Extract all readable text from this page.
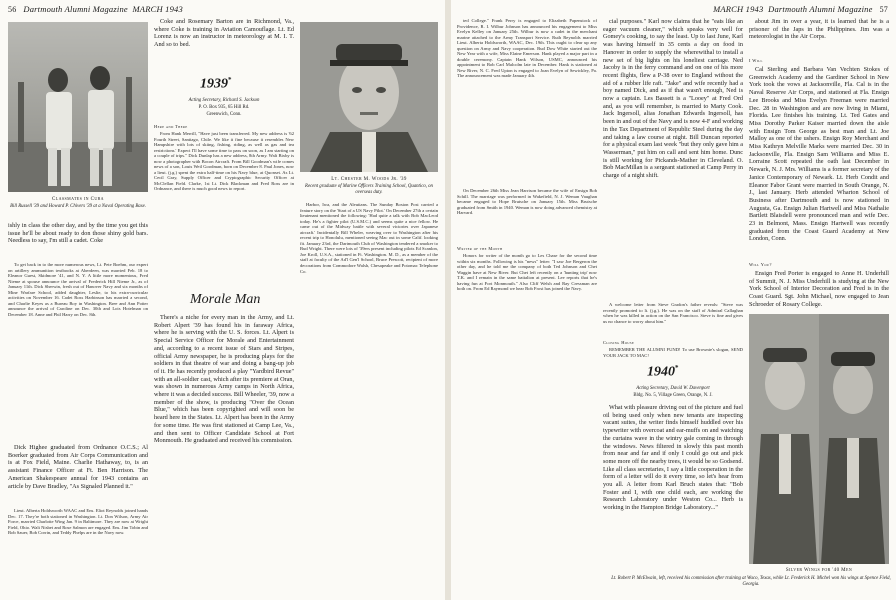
56 Dartmouth Alumni Magazine MARCH 1943
Classmates in Cuba
Bill Russell '39 and Howard P. Chivers '39 at a Naval Operating Base.

ishly in class the other day, and by the time you get this issue he'll be about ready to don those shiny gold bars. Needless to say, I'm still a cadet. Coke

To get back in to the more numerous news, Lt. Pete Boehm, our expert on artillery ammunition textbooks at Aberdeen, was married Feb. 18 to Eleanor Guest, Skidmore '41, and N. Y. A little more momentous, Fred Nieme at spouse announce the arrival of Frederick Hill Nieme Jr., as of January 11th. Dick Sherwin, fresh out of Hanover Navy and six months of Mine Warfare School, added daughter, Leslie, to his extra-curricular activities on November 16. Cadet Ross Harbinson has married a second, and Charlie Keyes as a Bureau Boy in Washington. Bree and Ann Potter announce the arrival of Caroline on Dec. 30th and Lois Hotelman on December 18. Anne and Phil Harry on Dec. 8th.

Dick Highee graduated from Ordnance O.C.S.; Al Boerker graduated from Air Corps Communication and is at Fox Field, Maine. Charlie Hathaway, to, is an assistant Finance Officer at Ft. Ben Harrison. The American Shakespeare annual for 1943 contains an article by Dave Bradley, "As Signaled Planned it."

Lieut. Alberta Holdsworth WAAC and Ens. Eliot Reynolds joined hands Dec. 17. They're both stationed in Washington. Lt. Don Wilson, Army Air Force, married Charlotte Wing Jan. 9 in Baltimore. They are now at Wright Field, Ohio. Walt Nisbet and Rose Salmon are engaged. Ens. Jim Tobin and Bob Sauer, Bob Corrin, and Teddy Phelps are in the Navy now.

Coke and Rosemary Barton are in Richmond, Va., where Coke is training in Aviation Camouflage. Lt. Ed Lorenz is now an instructor in meteorology at M. I. T. And so to bed.

1939*
Acting Secretary, Richard S. Jackson
P. O. Box 935, 65 Hill Rd.
Greenwich, Conn.
Here and There

From Hank Merrill, "Have just been transferred. My new address is '62 Fourth Street, Santiago, Chile. We like it fine because it resembles New Hampshire with lots of skiing, fishing, riding, as well as gas and tea restrictions.' Expect I'll have some time to pass on soon, as I am starting on a couple of trips." Dick Dunlap has a new address, 8th Army. Walt Bixby is now a photographer with Bocon Aircraft. From Bill Goodman's wife comes news of a son, Louis Weil Goodman, born on December 8. Paul Jones, now a lieut. (j.g.) spent the extra half-time on his Navy blue, at Quonset. As Lt. Cecil Gray, Supply Officer and Cryptographic Security Officer at McClellan Field. Clarke, 1st Lt. Dick Blackman and Fred Ross are in Ordnance, and there is much good news to report.

Morale Man

There's a niche for every man in the Army, and Lt. Robert Alpert '39 has found his in faraway Africa, where he is serving with the U. S. forces. Lt. Alpert is Special Service Officer for Morale and Entertainment and, according to a recent issue of Stars and Stripes, official Army newspaper, he is producing plays for the soldiers in that theatre of war and doing a bang-up job of it. He has recently produced a play "Yardbird Revue" with an all-soldier cast, which after its premiere at Oran, was shown in numerous Army camps in North Africa, where it was a decided success. Bill Wheeler, '39, now a member of the show, is producing "Over the Ocean Blue," which has been copyrighted and will soon be heard here in the States. Lt. Alpert has been in the Army for some time. He was first stationed at Camp Lee, Va., and then sent to Officer Candidate School at Fort Monmouth. He graduated and received his commission.

Lt. Chester M. Woods Jr. '39
Recent graduate of Marine Officers Training School, Quantico, on overseas duty.

Harbor, Iwa, and the Aleutians. The Sunday Boston Post carried a feature story on the 'Start of a US Navy Pilot.' On December 27th a certain lieutenant mentioned the following: 'Had quite a talk with Bob MacLeod today. He's a fighter pilot (U.S.M.C.) and seems quite a nice fellow. He came out of the Midway battle with several victories over Japanese aircraft.' Incidentally Bill Wheler, weaving over to Washington after his recent trip to Honolulu, mentioned seeing Mac out in some Calif. looking fit. January 23rd, the Dartmouth Club of Washington tendered a smoker to Bud Wright. There were lots of '39ers present including pilots Ed Scanlon, Joe Kroll, U.S.A., stationed in Ft. Washington. M. D., as a member of the staff at faculty of the Ad'l Gen'l School, Bruce Prescott, recipient of more decorations from Commodore Walsh, Chesapeake and Potomac Telephone Co.

MARCH 1943 Dartmouth Alumni Magazine 57

ted College." Frank Perry is engaged to Elizabeth Papenstock of Providence, R. I. Wilbur Johnson has announced his engagement to Miss Evelyn Kelley on January 25th. Wilbur is now a cadet in the merchant marine attached to the Army Transport Service. Ruth Reynolds married Lieut. Alberta Holdsworth, WAAC, Dec. 19th. This ought to clear up any question on Army and Navy cooperation. Bud Dow White started out the New Year with a wife, Miss Elaine Emerson. Hank played a major part in a double ceremony. Captain Hank Wilson, USMC, announced his appointment to Bob Carl Malcolm late in December. Hank is stationed at New River, N. C. Fred Upton is engaged to Joan Evelyn of Sewickley, Pa. The announcement was made January 4th.

On December 26th Miss Jean Harrison became the wife of Ensign Bob Schill. The marriage was performed in Wakefield, N. J. Weman Vaughan became engaged to Hope Brutsche on January 15th. Miss Brutsche graduated from Smith in 1940. Weman is now doing advanced chemistry at Harvard.

Writer of the Month

Honors for writer of the month go to Les Chase for the second time within six months. Following is his "news" letter: "I saw Joe Bergeron the other day, and he told me the company of both Ted Johnson and Chet Waggin have at New River. But Chet left recently on a 'hunting trip' now T.K. and I remain in the same battalion at present. Lee reports that he's having fun at Fort Monmouth." Also Cliff Welsh and Ray Cressman are both on. From Ed Raymond we hear Bob Frost has joined the Navy.

cial purposes." Karl now claims that he "eats like an eager vacuum cleaner," which speaks very well for Gomey's cooking, to say the least. Up to last June, Karl was having himself in 35 cents a day on food in Hanover in order to supply the wherewithal to install a new set of big lights on his loneliest carriage. Ned Jacoby is in the ferry command and on one of his more recent flights, flew a P-38 over to England without the aid of a rubber life raft. "Jake" and wife recently had a boy named Dick, and as if that wasn't enough, Ned is now a captain. Les Bassett is a "Looey" at Fred Ord and, as you will remember, is married to Marty Cook. Jack Ingersoll, alias Jonathan Edwards Ingersoll, has been in and out of the Navy and is now 4-F and working in the Tax Department of Republic Steel during the day and taking a law course at night. Bill Duncan reported for a physical exam last week "but they only gave him a Wasserman," put him on call and sent him home. Dunc is still working for Pickands-Mather in Cleveland. O. Bob MacMillan is a sergeant stationed at Camp Perry in charge of a night shift.

A welcome letter from Steve Gradon's father reveals: "Steve was recently promoted to lt. (j.g.). He was on the staff of Admiral Callaghan when he was killed in action on the San Francisco. Steve is fine and gives us no chance to worry about him."

Closing House

REMEMBER THE ALUMNI FUND! To use Brownie's slogan, SEND YOUR JACK TO MAC!

1940*
Acting Secretary, David W. Davenport
Bldg. No. 5, Village Green, Orange, N. J.

What with pleasure driving out of the picture and fuel oil being used only when new tenants are inspecting vacant suites, the writer finds himself huddled over his typewriter with overcoat and ear-muffs on and watching the curtains wave in the wintry gale coming in through the windows. News filtered in slowly this past month from near and far and if only I could go out and pick some more off the nearby trees, it would be so Godsend. Like all class secretaries, I say a little cooperation in the form of a letter will do it every time, so let's hear from you all. A letter from Karl Bruch states that: "Bob Foster and I, with one child each, are working the Research Laboratory under Weston Co... Herb is working in the Hampton Bridge Laboratory..."

about Jim in over a year, it is learned that he is a prisoner of the Japs in the Philippines. Jim was a meteorologist in the Air Corps.

I Will

Cal Sterling and Barbara Van Vechten Stokes of Greenwich Academy and the Gardiner School in New York took the vows at Jacksonville, Fla. Cal is in the Naval Reserve Air Corps, and stationed at Fla. Ensign Lee Brooks and Miss Evelyn Freeman were married Dec. 28 in Washington and are now living in Miami, Florida. Lee finishes his training. Lt. Ted Gates and Miss Dorothy Parker Kaiser married down the aisle with Ensign Tom George as best man and Lt. Joe Malloy as one of the ushers. Ensign Roy Merchant and Miss Kathryn Melville Marks were married Dec. 30 in Jacksonville, Fla. Ensign Sam Williams and Miss E. Lorraine Scott repeated the oath last December in Newark, N. J. Mrs. Williams is a former secretary of the Janice Contemporary of Newark. Lt. Herb Condit and Eleanor Fabor Grant were married in South Orange, N. J., last January. Herb attended Wharton School of Business after Dartmouth and is now stationed in Augusta, Ga. Ensign Julian Hartwell and Miss Nathalie Bartlett Blaisdell were pronounced man and wife Dec. 23 in Belmont, Mass. Ensign Hartwell was recently graduated from the Coast Guard Academy at New London, Conn.

Will You?

Ensign Fred Porter is engaged to Anne H. Underhill of Summit, N. J. Miss Underhill is studying at the New York School of Interior Decoration and Fred is in the Coast Guard. Sgt. John Michael, now engaged to Jean Schroeder of Rosary College.

Silver Wings for '40 Men
Lt. Robert P. McElwain, left, received his commission after training at Waco, Texas, while Lt. Frederick H. Michel won his wings at Spence Field, Georgia.
